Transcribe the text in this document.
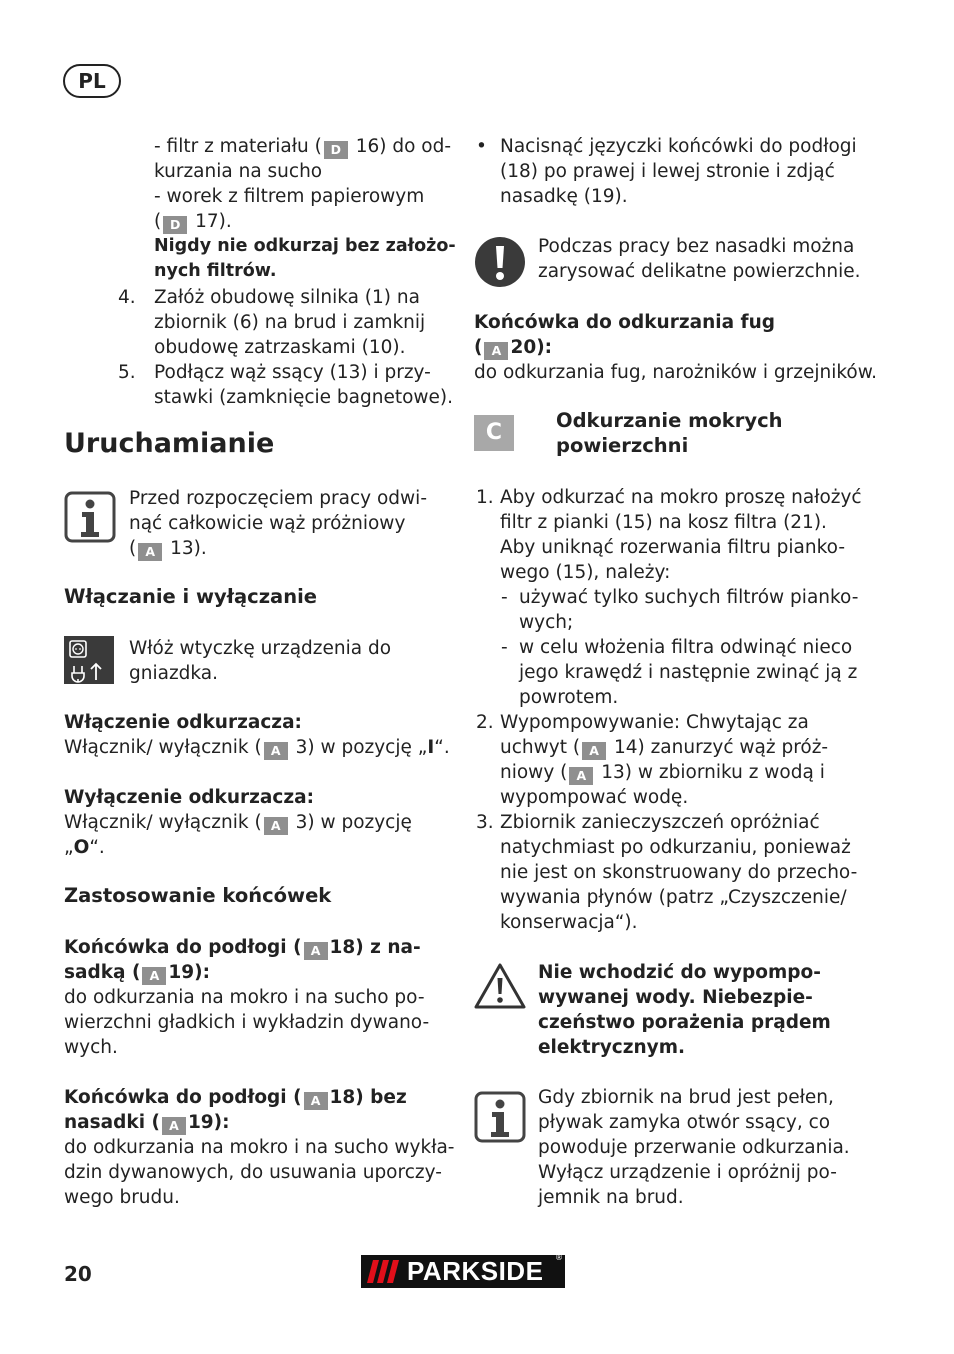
PL
- filtr z materiału ( D 16) do od-
kurzania na sucho
- worek z filtrem papierowym
( D 17).
Nigdy nie odkurzaj bez założo-
nych filtrów.
4. Załóż obudowę silnika (1) na
zbiornik (6) na brud i zamknij
obudowę zatrzaskami (10).
5. Podłącz wąż ssący (13) i przy-
stawki (zamknięcie bagnetowe).
Uruchamianie
Przed rozpoczęciem pracy odwi-
nąć całkowicie wąż próżniowy
( A 13).
Włączanie i wyłączanie
Włóż wtyczkę urządzenia do
gniazdka.
Włączenie odkurzacza:
Włącznik/ wyłącznik ( A 3) w pozycję „I“.
Wyłączenie odkurzacza:
Włącznik/ wyłącznik ( A 3) w pozycję
„O“.
Zastosowanie końcówek
Końcówka do podłogi ( A 18) z na-
sadką ( A 19):
do odkurzania na mokro i na sucho po-
wierzchni gładkich i wykładzin dywano-
wych.
Końcówka do podłogi ( A 18) bez
nasadki ( A 19):
do odkurzania na mokro i na sucho wykła-
dzin dywanowych, do usuwania uporczy-
wego brudu.
• Nacisnąć języczki końcówki do podłogi
(18) po prawej i lewej stronie i zdjąć
nasadkę (19).
Podczas pracy bez nasadki można
zarysować delikatne powierzchnie.
Końcówka do odkurzania fug
( A 20):
do odkurzania fug, narożników i grzejników.
C	Odkurzanie mokrych
powierzchni
1. Aby odkurzać na mokro proszę nałożyć
filtr z pianki (15) na kosz filtra (21).
Aby uniknąć rozerwania filtru pianko-
wego (15), należy:
- używać tylko suchych filtrów pianko-
wych;
- w celu włożenia filtra odwinąć nieco
jego krawędź i następnie zwinąć ją z
powrotem.
2. Wypompowywanie: Chwytając za
uchwyt ( A 14) zanurzyć wąż próż-
niowy ( A 13) w zbiorniku z wodą i
wypompować wodę.
3. Zbiornik zanieczyszczeń opróżniać
natychmiast po odkurzaniu, ponieważ
nie jest on skonstruowany do przecho-
wywania płynów (patrz „Czyszczenie/
konserwacja“).
Nie wchodzić do wypompo-
wywanej wody. Niebezpie-
czeństwo porażenia prądem
elektrycznym.
Gdy zbiornik na brud jest pełen,
pływak zamyka otwór ssący, co
powoduje przerwanie odkurzania.
Wyłącz urządzenie i opróżnij po-
jemnik na brud.
20	PARKSIDE ®
